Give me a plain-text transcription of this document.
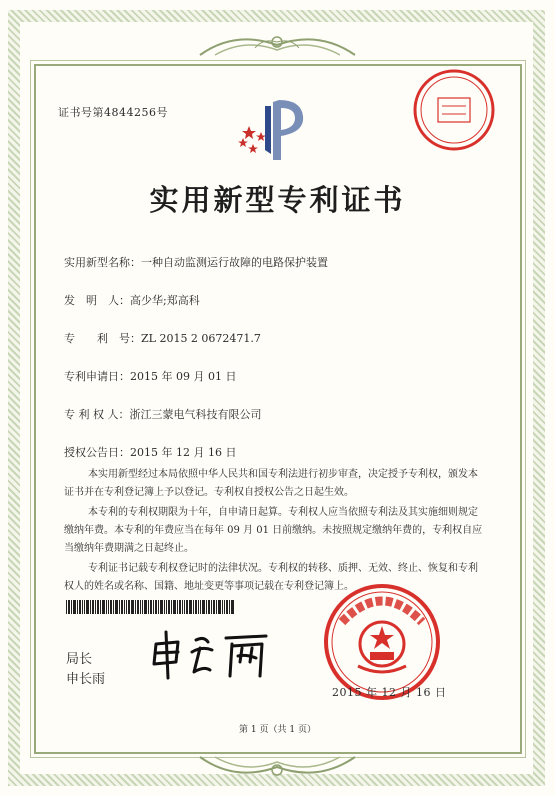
证书号第4844256号
实用新型专利证书
实用新型名称：一种自动监测运行故障的电路保护装置
发　明　人：高少华;郑高科
专　　利　号：ZL 2015 2 0672471.7
专利申请日：2015 年 09 月 01 日
专 利 权 人：浙江三蒙电气科技有限公司
授权公告日：2015 年 12 月 16 日
本实用新型经过本局依照中华人民共和国专利法进行初步审查，决定授予专利权，颁发本证书并在专利登记簿上予以登记。专利权自授权公告之日起生效。
本专利的专利权期限为十年，自申请日起算。专利权人应当依照专利法及其实施细则规定缴纳年费。本专利的年费应当在每年 09 月 01 日前缴纳。未按照规定缴纳年费的，专利权自应当缴纳年费期满之日起终止。
专利证书记载专利权登记时的法律状况。专利权的转移、质押、无效、终止、恢复和专利权人的姓名或名称、国籍、地址变更等事项记载在专利登记簿上。
局长
申长雨
2015 年 12 月 16 日
第 1 页（共 1 页）
